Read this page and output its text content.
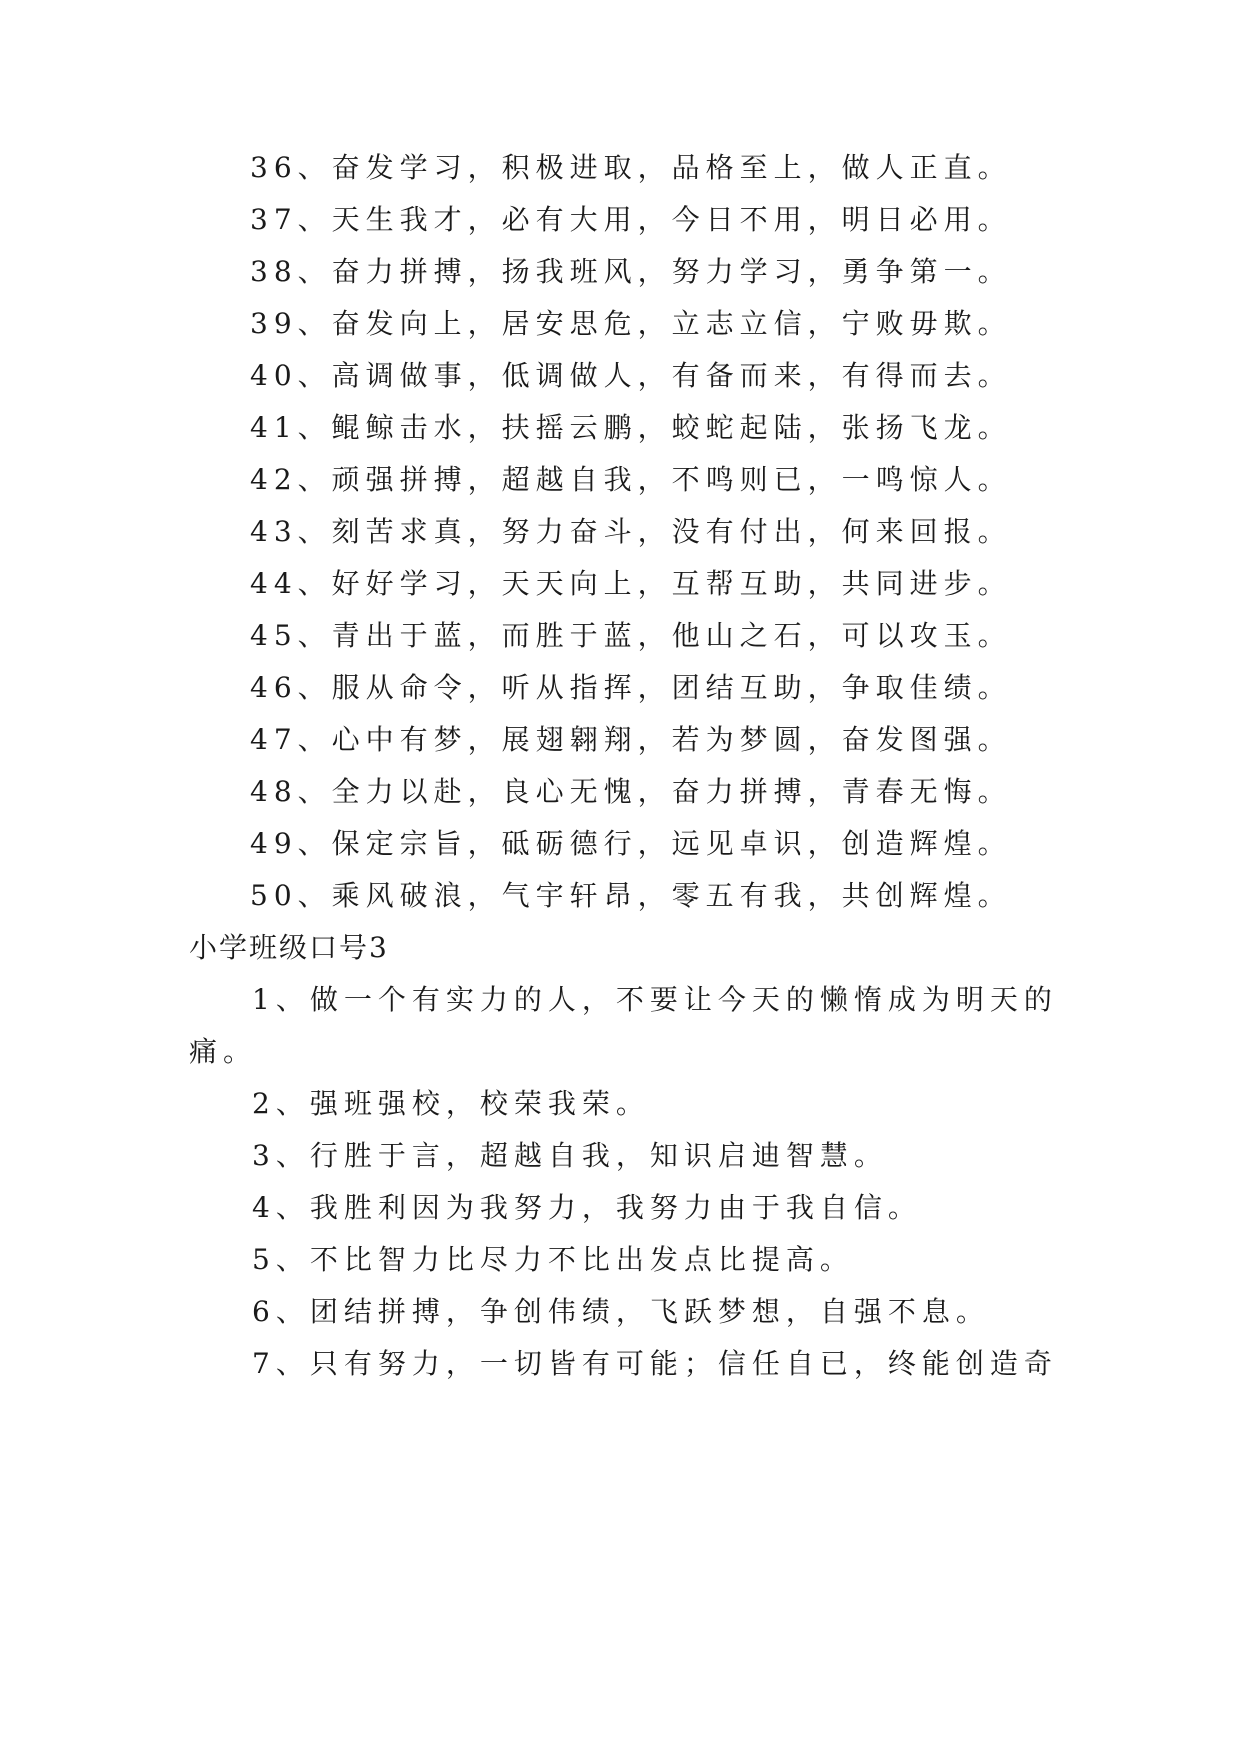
36、奋发学习，积极进取，品格至上，做人正直。
37、天生我才，必有大用，今日不用，明日必用。
38、奋力拼搏，扬我班风，努力学习，勇争第一。
39、奋发向上，居安思危，立志立信，宁败毋欺。
40、高调做事，低调做人，有备而来，有得而去。
41、鲲鲸击水，扶摇云鹏，蛟蛇起陆，张扬飞龙。
42、顽强拼搏，超越自我，不鸣则已，一鸣惊人。
43、刻苦求真，努力奋斗，没有付出，何来回报。
44、好好学习，天天向上，互帮互助，共同进步。
45、青出于蓝，而胜于蓝，他山之石，可以攻玉。
46、服从命令，听从指挥，团结互助，争取佳绩。
47、心中有梦，展翅翱翔，若为梦圆，奋发图强。
48、全力以赴，良心无愧，奋力拼搏，青春无悔。
49、保定宗旨，砥砺德行，远见卓识，创造辉煌。
50、乘风破浪，气宇轩昂，零五有我，共创辉煌。
小学班级口号3
1、做一个有实力的人，不要让今天的懒惰成为明天的
痛。
2、强班强校，校荣我荣。
3、行胜于言，超越自我，知识启迪智慧。
4、我胜利因为我努力，我努力由于我自信。
5、不比智力比尽力不比出发点比提高。
6、团结拼搏，争创伟绩，飞跃梦想，自强不息。
7、只有努力，一切皆有可能；信任自已，终能创造奇
